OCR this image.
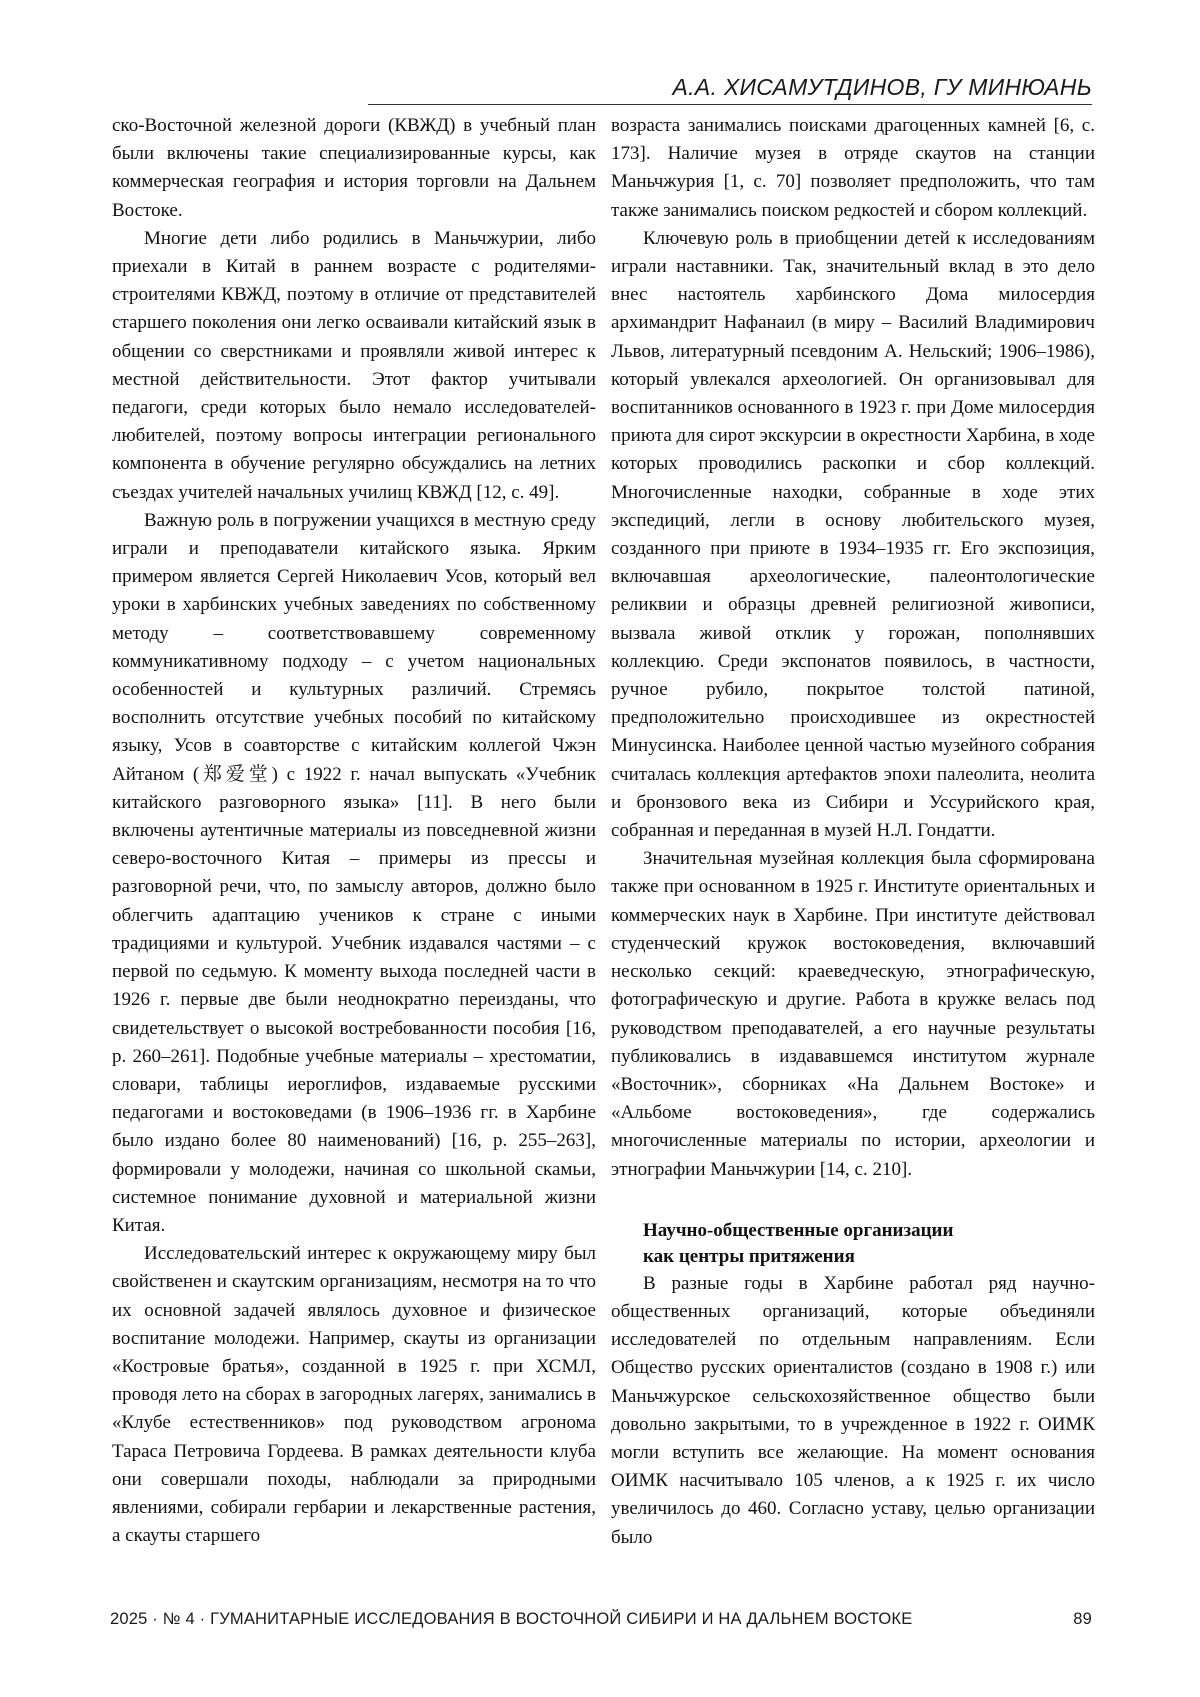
А.А. ХИСАМУТДИНОВ, ГУ МИНЮАНЬ

ско-Восточной железной дороги (КВЖД) в учебный план были включены такие специализированные курсы, как коммерческая география и история торговли на Дальнем Востоке.

Многие дети либо родились в Маньчжурии, либо приехали в Китай в раннем возрасте с родителями-строителями КВЖД, поэтому в отличие от представителей старшего поколения они легко осваивали китайский язык в общении со сверстниками и проявляли живой интерес к местной действительности. Этот фактор учитывали педагоги, среди которых было немало исследователей-любителей, поэтому вопросы интеграции регионального компонента в обучение регулярно обсуждались на летних съездах учителей начальных училищ КВЖД [12, с. 49].

Важную роль в погружении учащихся в местную среду играли и преподаватели китайского языка. Ярким примером является Сергей Николаевич Усов, который вел уроки в харбинских учебных заведениях по собственному методу – соответствовавшему современному коммуникативному подходу – с учетом национальных особенностей и культурных различий. Стремясь восполнить отсутствие учебных пособий по китайскому языку, Усов в соавторстве с китайским коллегой Чжэн Айтаном (郑爱堂) с 1922 г. начал выпускать «Учебник китайского разговорного языка» [11]. В него были включены аутентичные материалы из повседневной жизни северо-восточного Китая – примеры из прессы и разговорной речи, что, по замыслу авторов, должно было облегчить адаптацию учеников к стране с иными традициями и культурой. Учебник издавался частями – с первой по седьмую. К моменту выхода последней части в 1926 г. первые две были неоднократно переизданы, что свидетельствует о высокой востребованности пособия [16, p. 260–261]. Подобные учебные материалы – хрестоматии, словари, таблицы иероглифов, издаваемые русскими педагогами и востоковедами (в 1906–1936 гг. в Харбине было издано более 80 наименований) [16, p. 255–263], формировали у молодежи, начиная со школьной скамьи, системное понимание духовной и материальной жизни Китая.

Исследовательский интерес к окружающему миру был свойственен и скаутским организациям, несмотря на то что их основной задачей являлось духовное и физическое воспитание молодежи. Например, скауты из организации «Костровые братья», созданной в 1925 г. при ХСМЛ, проводя лето на сборах в загородных лагерях, занимались в «Клубе естественников» под руководством агронома Тараса Петровича Гордеева. В рамках деятельности клуба они совершали походы, наблюдали за природными явлениями, собирали гербарии и лекарственные растения, а скауты старшего

возраста занимались поисками драгоценных камней [6, с. 173]. Наличие музея в отряде скаутов на станции Маньчжурия [1, с. 70] позволяет предположить, что там также занимались поиском редкостей и сбором коллекций.

Ключевую роль в приобщении детей к исследованиям играли наставники. Так, значительный вклад в это дело внес настоятель харбинского Дома милосердия архимандрит Нафанаил (в миру – Василий Владимирович Львов, литературный псевдоним А. Нельский; 1906–1986), который увлекался археологией. Он организовывал для воспитанников основанного в 1923 г. при Доме милосердия приюта для сирот экскурсии в окрестности Харбина, в ходе которых проводились раскопки и сбор коллекций. Многочисленные находки, собранные в ходе этих экспедиций, легли в основу любительского музея, созданного при приюте в 1934–1935 гг. Его экспозиция, включавшая археологические, палеонтологические реликвии и образцы древней религиозной живописи, вызвала живой отклик у горожан, пополнявших коллекцию. Среди экспонатов появилось, в частности, ручное рубило, покрытое толстой патиной, предположительно происходившее из окрестностей Минусинска. Наиболее ценной частью музейного собрания считалась коллекция артефактов эпохи палеолита, неолита и бронзового века из Сибири и Уссурийского края, собранная и переданная в музей Н.Л. Гондатти.

Значительная музейная коллекция была сформирована также при основанном в 1925 г. Институте ориентальных и коммерческих наук в Харбине. При институте действовал студенческий кружок востоковедения, включавший несколько секций: краеведческую, этнографическую, фотографическую и другие. Работа в кружке велась под руководством преподавателей, а его научные результаты публиковались в издававшемся институтом журнале «Восточник», сборниках «На Дальнем Востоке» и «Альбоме востоковедения», где содержались многочисленные материалы по истории, археологии и этнографии Маньчжурии [14, с. 210].

Научно-общественные организации
как центры притяжения

В разные годы в Харбине работал ряд научно-общественных организаций, которые объединяли исследователей по отдельным направлениям. Если Общество русских ориенталистов (создано в 1908 г.) или Маньчжурское сельскохозяйственное общество были довольно закрытыми, то в учрежденное в 1922 г. ОИМК могли вступить все желающие. На момент основания ОИМК насчитывало 105 членов, а к 1925 г. их число увеличилось до 460. Согласно уставу, целью организации было

2025 · № 4 · ГУМАНИТАРНЫЕ ИССЛЕДОВАНИЯ В ВОСТОЧНОЙ СИБИРИ И НА ДАЛЬНЕМ ВОСТОКЕ	89
